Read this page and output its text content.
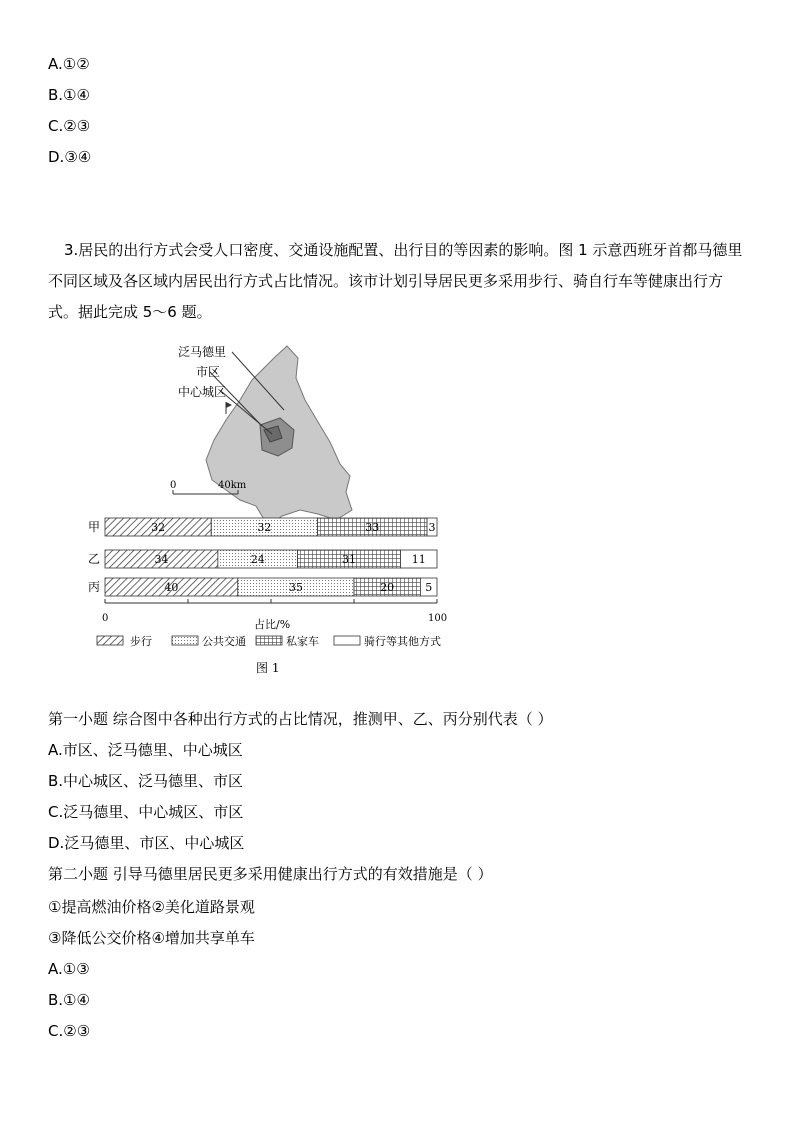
A.①②
B.①④
C.②③
D.③④
3.居民的出行方式会受人口密度、交通设施配置、出行目的等因素的影响。图 1 示意西班牙首都马德里不同区域及各区域内居民出行方式占比情况。该市计划引导居民更多采用步行、骑自行车等健康出行方式。据此完成 5～6 题。
泛马德里
市区
中心城区
0	40km
甲	32	32	33	3
乙	34	24	31	11
丙	40	35	20	5
0	100
占比/%
步行	公共交通	私家车	骑行等其他方式
图 1
第一小题 综合图中各种出行方式的占比情况，推测甲、乙、丙分别代表（ ）
A.市区、泛马德里、中心城区
B.中心城区、泛马德里、市区
C.泛马德里、中心城区、市区
D.泛马德里、市区、中心城区
第二小题 引导马德里居民更多采用健康出行方式的有效措施是（ ）
①提高燃油价格②美化道路景观
③降低公交价格④增加共享单车
A.①③
B.①④
C.②③
